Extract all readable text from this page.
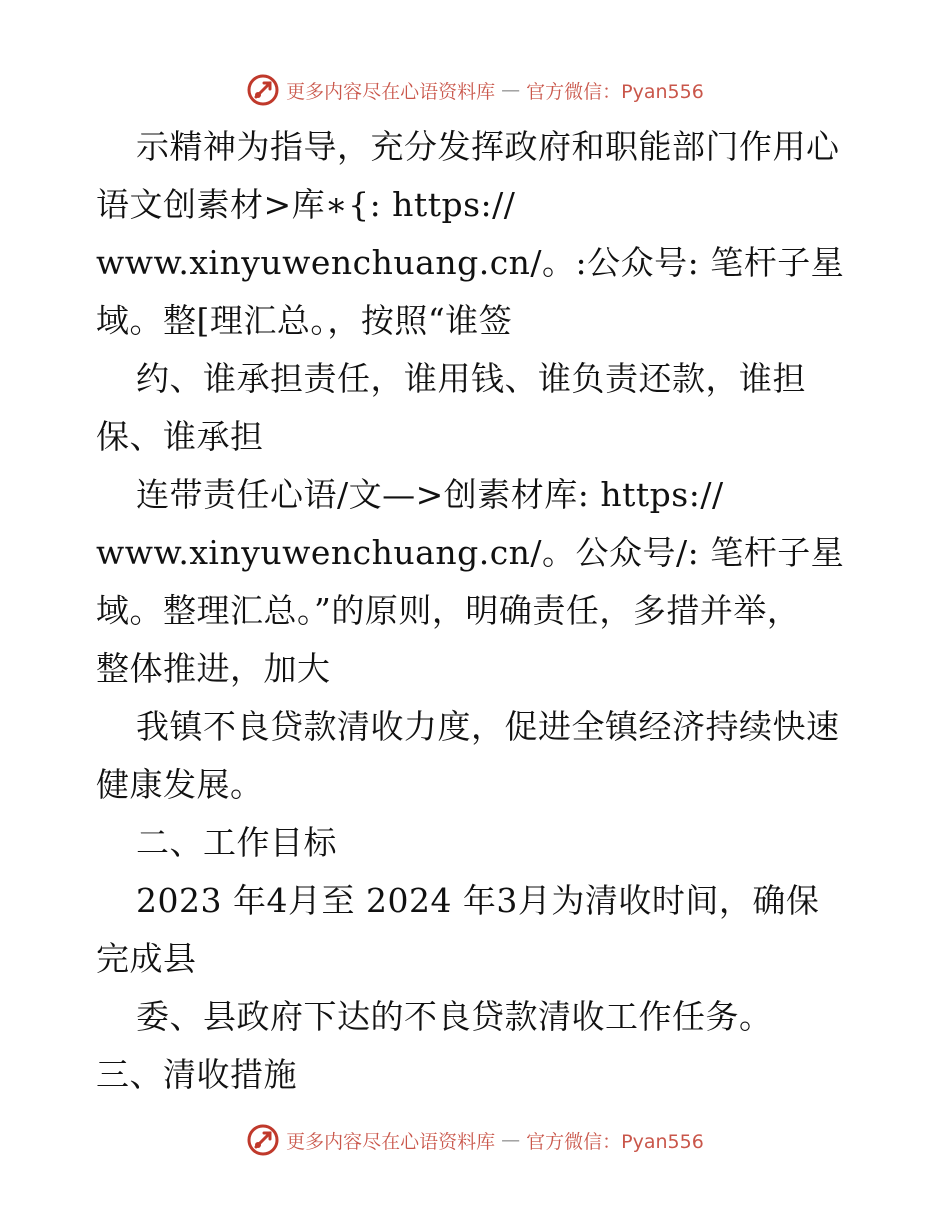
更多内容尽在心语资料库 — 官方微信：Pyan556
示精神为指导，充分发挥政府和职能部门作用心
语文创素材>库∗{: https://
www.xinyuwenchuang.cn/。:公众号: 笔杆子星
域。整[理汇总。，按照“谁签
约、谁承担责任，谁用钱、谁负责还款，谁担
保、谁承担
连带责任心语/文—>创素材库: https://
www.xinyuwenchuang.cn/。公众号/: 笔杆子星
域。整理汇总。”的原则，明确责任，多措并举，
整体推进，加大
我镇不良贷款清收力度，促进全镇经济持续快速
健康发展。
二、工作目标
2023 年4月至 2024 年3月为清收时间，确保
完成县
委、县政府下达的不良贷款清收工作任务。
三、清收措施
更多内容尽在心语资料库 — 官方微信：Pyan556
